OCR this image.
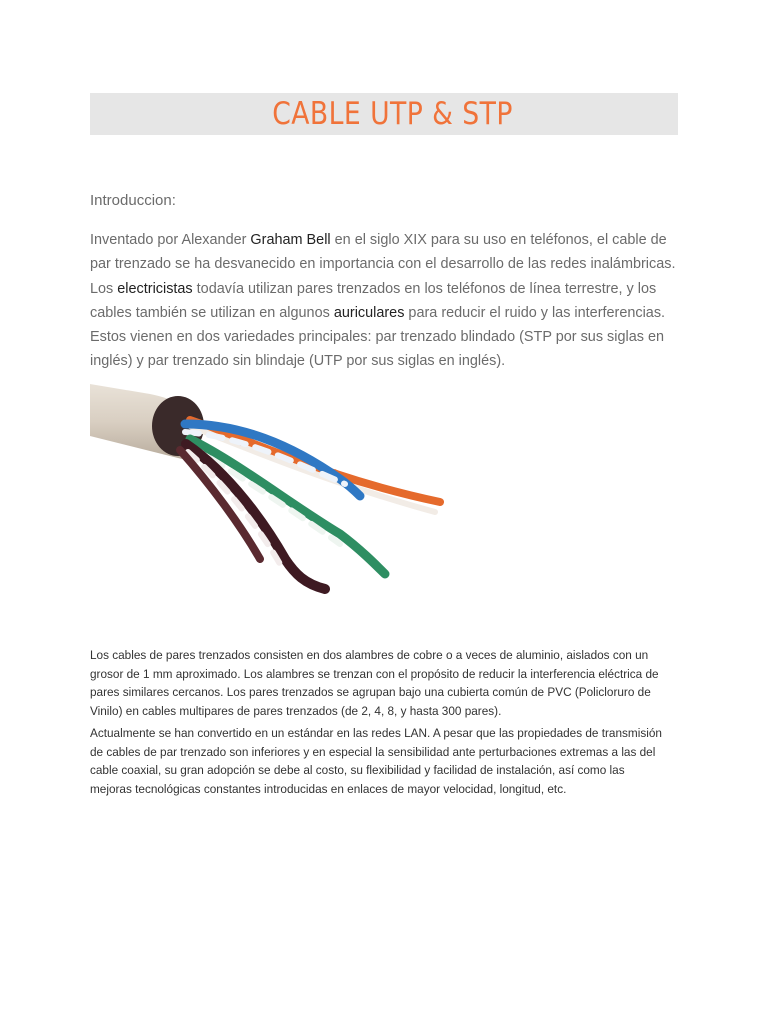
CABLE UTP & STP
Introduccion:
Inventado por Alexander Graham Bell en el siglo XIX para su uso en teléfonos, el cable de par trenzado se ha desvanecido en importancia con el desarrollo de las redes inalámbricas. Los electricistas todavía utilizan pares trenzados en los teléfonos de línea terrestre, y los cables también se utilizan en algunos auriculares para reducir el ruido y las interferencias. Estos vienen en dos variedades principales: par trenzado blindado (STP por sus siglas en inglés) y par trenzado sin blindaje (UTP por sus siglas en inglés).
Los cables de pares trenzados consisten en dos alambres de cobre o a veces de aluminio, aislados con un grosor de 1 mm aproximado. Los alambres se trenzan con el propósito de reducir la interferencia eléctrica de pares similares cercanos. Los pares trenzados se agrupan bajo una cubierta común de PVC (Policloruro de Vinilo) en cables multipares de pares trenzados (de 2, 4, 8, y hasta 300 pares).
Actualmente se han convertido en un estándar en las redes LAN. A pesar que las propiedades de transmisión de cables de par trenzado son inferiores y en especial la sensibilidad ante perturbaciones extremas a las del cable coaxial, su gran adopción se debe al costo, su flexibilidad y facilidad de instalación, así como las mejoras tecnológicas constantes introducidas en enlaces de mayor velocidad, longitud, etc.
